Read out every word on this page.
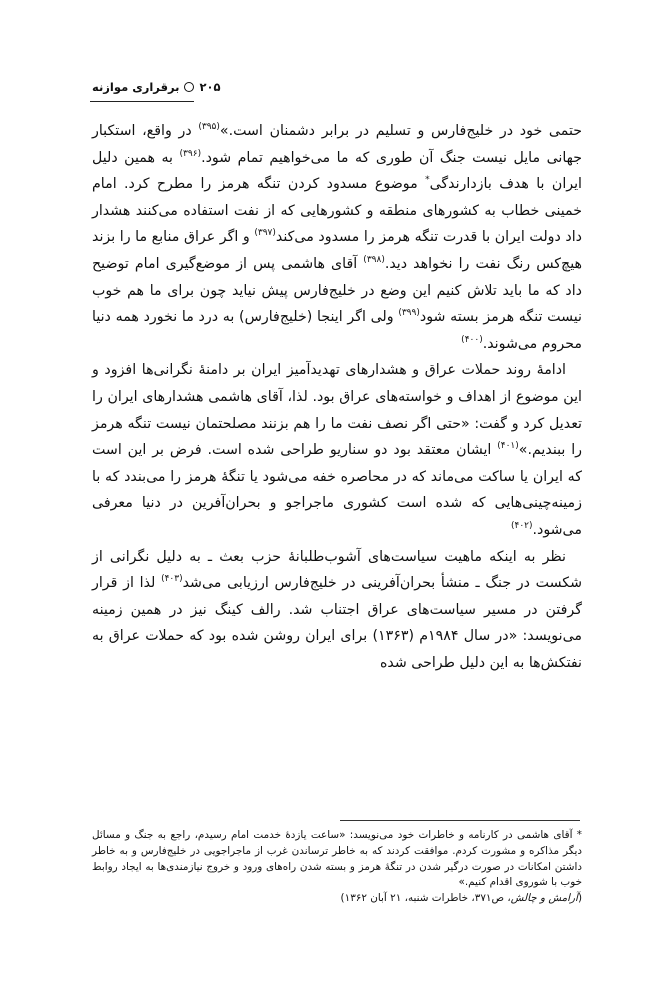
۲۰۵
برقراری موازنه

حتمی خود در خلیج‌فارس و تسلیم در برابر دشمنان است.»$^{(۳۹۵)}$ در واقع، استکبار جهانی مایل نیست جنگ آن طوری که ما می‌خواهیم تمام شود.$^{(۳۹۶)}$ به همین دلیل ایران با هدف بازدارندگی* موضوع مسدود کردن تنگه هرمز را مطرح کرد. امام خمینی خطاب به کشورهای منطقه و کشورهایی که از نفت استفاده می‌کنند هشدار داد دولت ایران با قدرت تنگه هرمز را مسدود می‌کند$^{(۳۹۷)}$ و اگر عراق منابع ما را بزند هیچ‌کس رنگ نفت را نخواهد دید.$^{(۳۹۸)}$ آقای هاشمی پس از موضع‌گیری امام توضیح داد که ما باید تلاش کنیم این وضع در خلیج‌فارس پیش نیاید چون برای ما هم خوب نیست تنگه هرمز بسته شود$^{(۳۹۹)}$ ولی اگر اینجا (خلیج‌فارس) به درد ما نخورد همه دنیا محروم می‌شوند.$^{(۴۰۰)}$

ادامهٔ روند حملات عراق و هشدارهای تهدیدآمیز ایران بر دامنهٔ نگرانی‌ها افزود و این موضوع از اهداف و خواسته‌های عراق بود. لذا، آقای هاشمی هشدارهای ایران را تعدیل کرد و گفت: «حتی اگر نصف نفت ما را هم بزنند مصلحتمان نیست تنگه هرمز را ببندیم.»$^{(۴۰۱)}$ ایشان معتقد بود دو سناریو طراحی شده است. فرض بر این است که ایران یا ساکت می‌ماند که در محاصره خفه می‌شود یا تنگهٔ هرمز را می‌بندد که با زمینه‌چینی‌هایی که شده است کشوری ماجراجو و بحران‌آفرین در دنیا معرفی می‌شود.$^{(۴۰۲)}$

نظر به اینکه ماهیت سیاست‌های آشوب‌طلبانهٔ حزب بعث ـ به دلیل نگرانی از شکست در جنگ ـ منشأ بحران‌آفرینی در خلیج‌فارس ارزیابی می‌شد$^{(۴۰۳)}$ لذا از قرار گرفتن در مسیر سیاست‌های عراق اجتناب شد. رالف کینگ نیز در همین زمینه می‌نویسد: «در سال ۱۹۸۴م (۱۳۶۳) برای ایران روشن شده بود که حملات عراق به نفتکش‌ها به این دلیل طراحی شده

* آقای هاشمی در کارنامه و خاطرات خود می‌نویسد: «ساعت یازدهٔ خدمت امام رسیدم، راجع به جنگ و مسائل دیگر مذاکره و مشورت کردم. موافقت کردند که به خاطر ترساندن غرب از ماجراجویی در خلیج‌فارس و به خاطر داشتن امکانات در صورت درگیر شدن در تنگهٔ هرمز و بسته شدن راه‌های ورود و خروج نیازمندی‌ها به ایجاد روابط خوب با شوروی اقدام کنیم.»

(آرامش و چالش، ص۳۷۱، خاطرات شنبه، ۲۱ آبان ۱۳۶۲)
